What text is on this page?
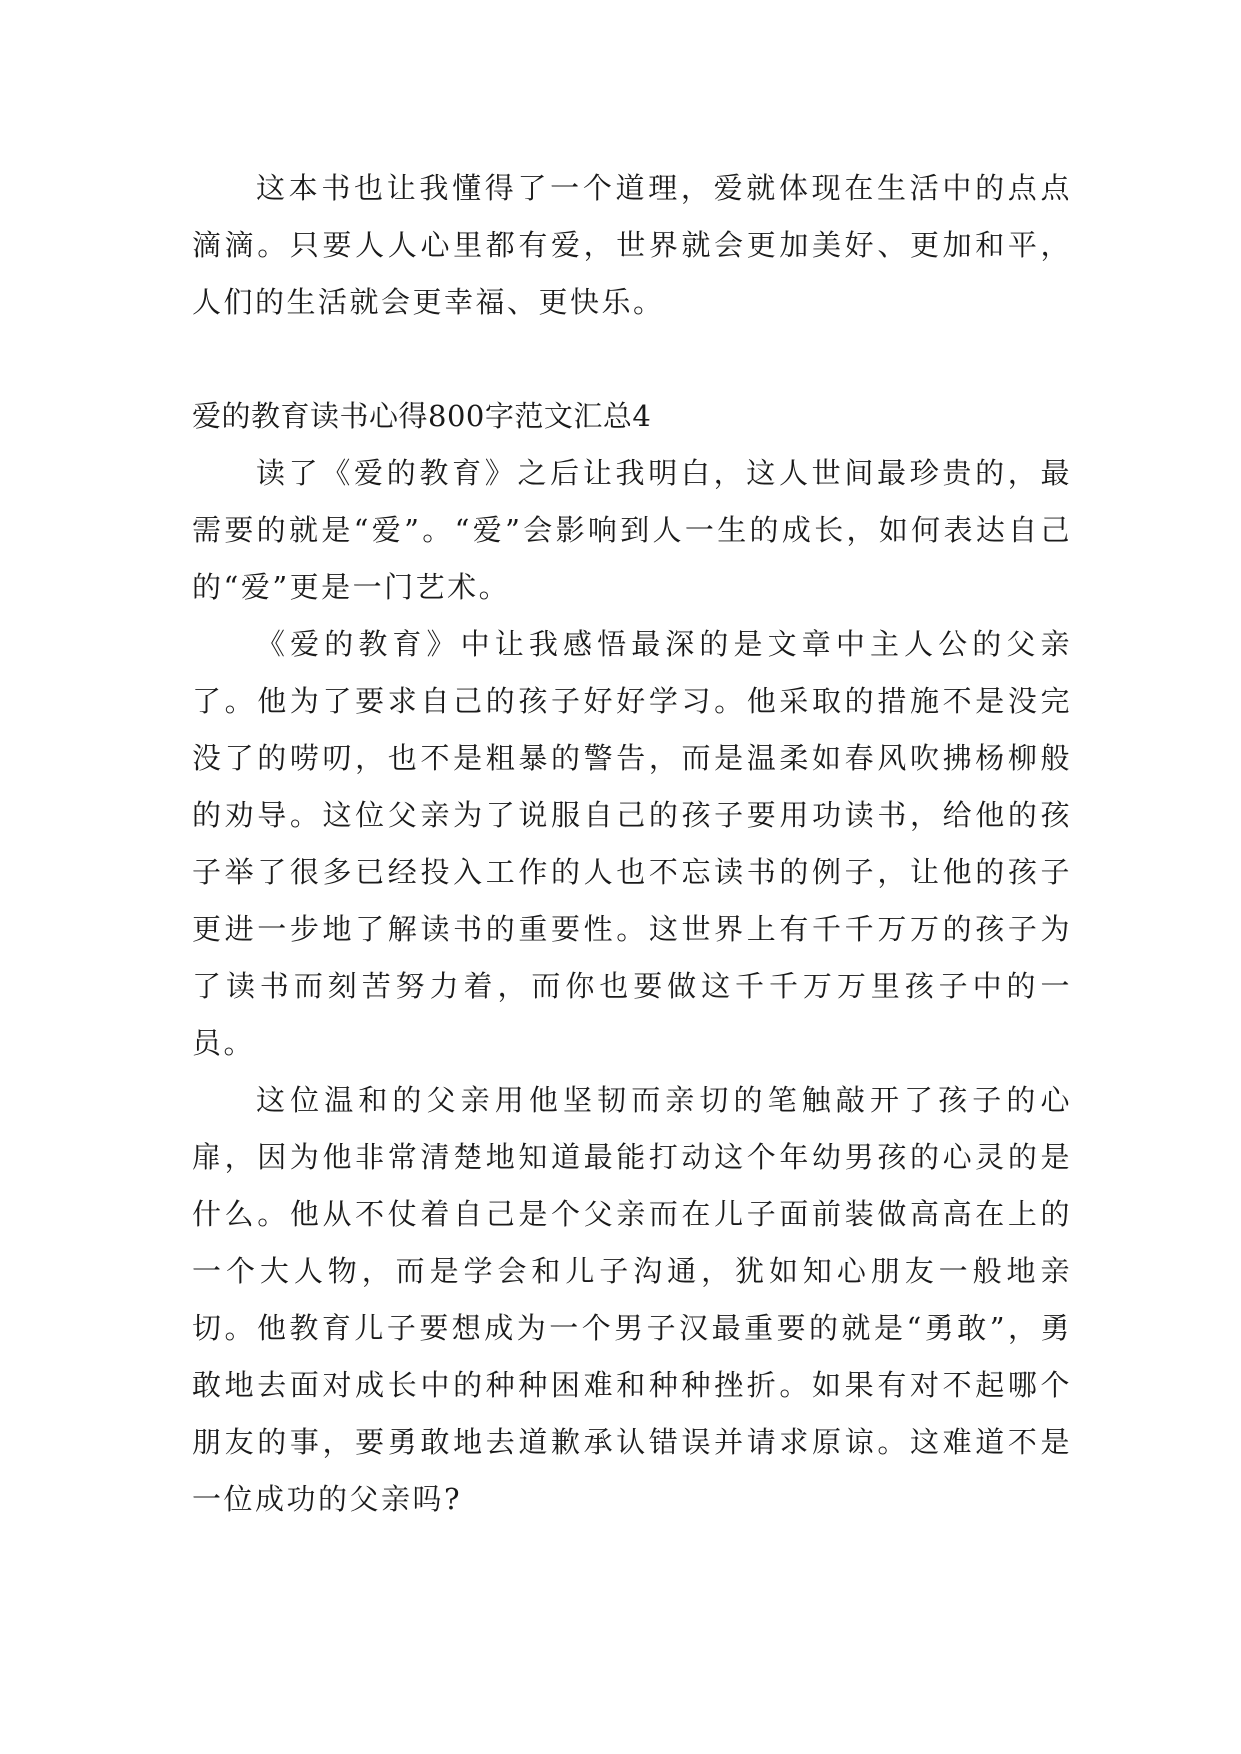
这本书也让我懂得了一个道理，爱就体现在生活中的点点滴滴。只要人人心里都有爱，世界就会更加美好、更加和平，人们的生活就会更幸福、更快乐。

爱的教育读书心得800字范文汇总4

读了《爱的教育》之后让我明白，这人世间最珍贵的，最需要的就是“爱”。“爱”会影响到人一生的成长，如何表达自己的“爱”更是一门艺术。

《爱的教育》中让我感悟最深的是文章中主人公的父亲了。他为了要求自己的孩子好好学习。他采取的措施不是没完没了的唠叨，也不是粗暴的警告，而是温柔如春风吹拂杨柳般的劝导。这位父亲为了说服自己的孩子要用功读书，给他的孩子举了很多已经投入工作的人也不忘读书的例子，让他的孩子更进一步地了解读书的重要性。这世界上有千千万万的孩子为了读书而刻苦努力着，而你也要做这千千万万里孩子中的一员。

这位温和的父亲用他坚韧而亲切的笔触敲开了孩子的心扉，因为他非常清楚地知道最能打动这个年幼男孩的心灵的是什么。他从不仗着自己是个父亲而在儿子面前装做高高在上的一个大人物，而是学会和儿子沟通，犹如知心朋友一般地亲切。他教育儿子要想成为一个男子汉最重要的就是“勇敢”，勇敢地去面对成长中的种种困难和种种挫折。如果有对不起哪个朋友的事，要勇敢地去道歉承认错误并请求原谅。这难道不是一位成功的父亲吗?
